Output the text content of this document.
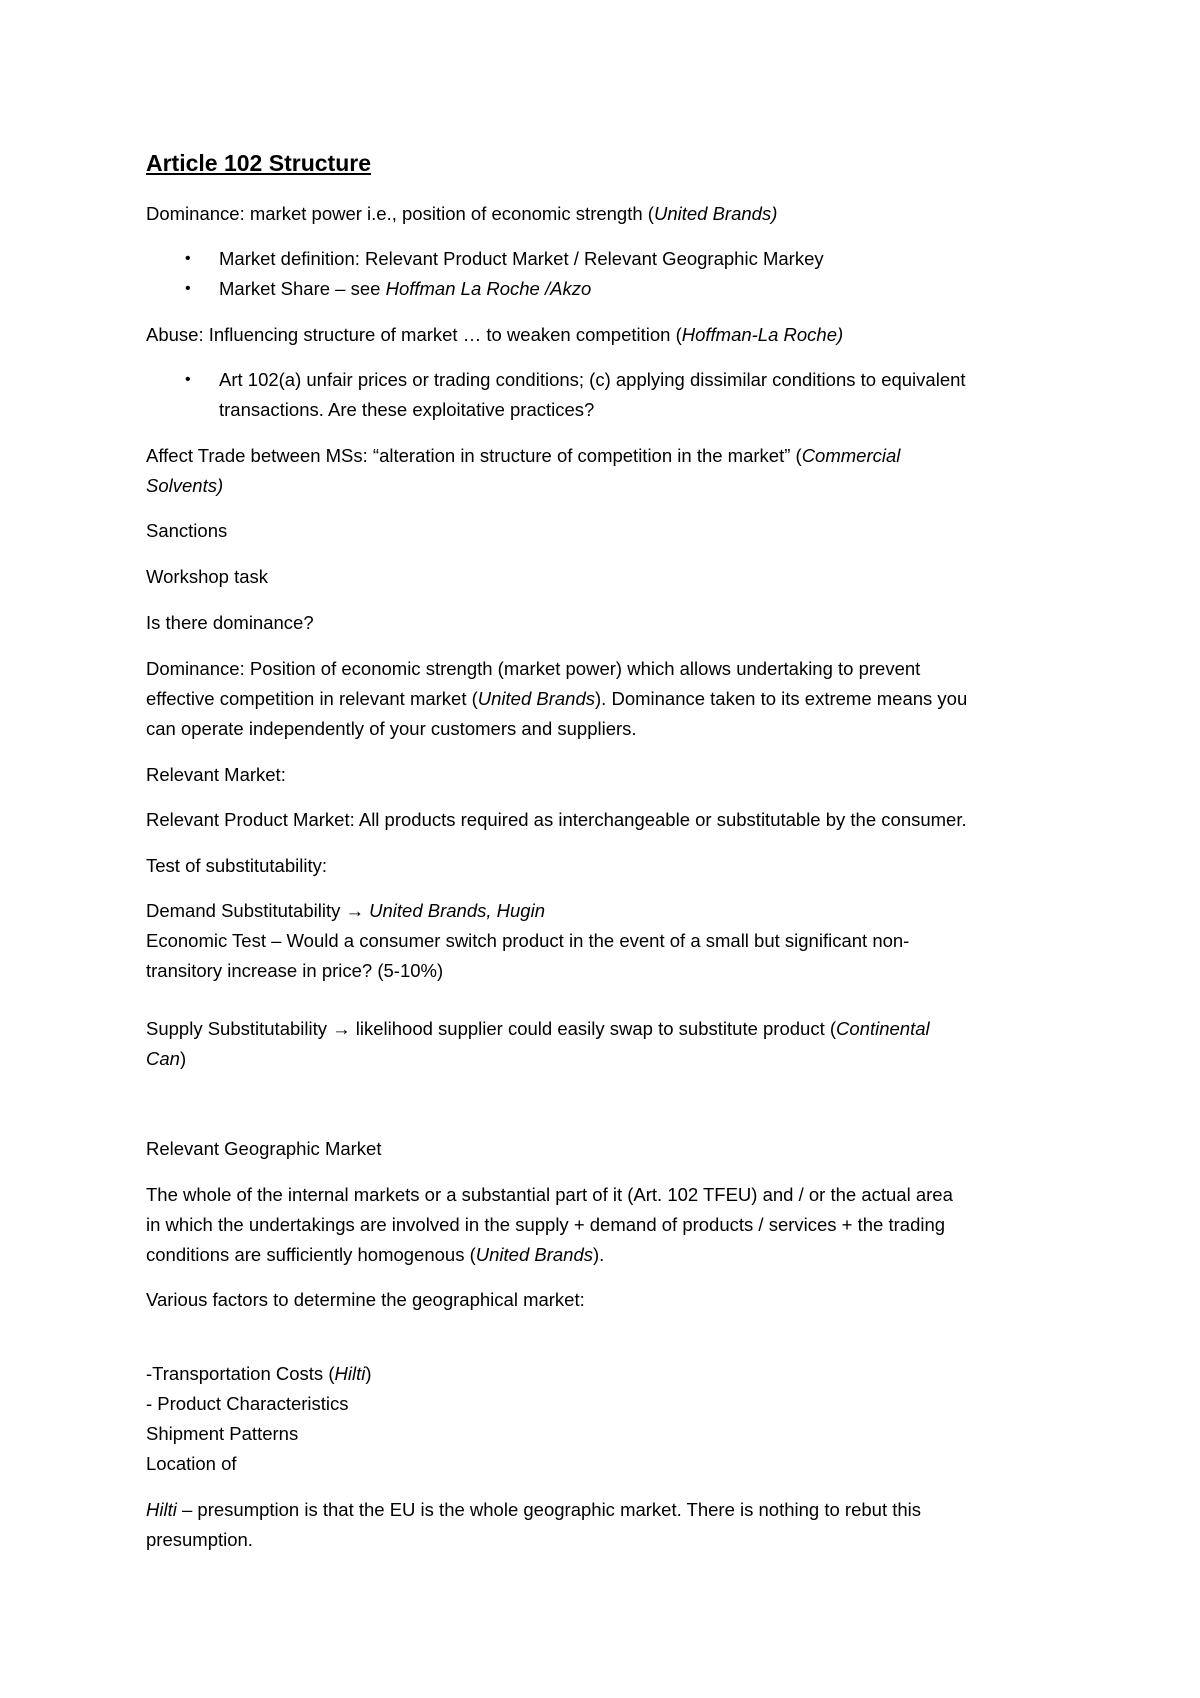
Article 102 Structure
Dominance: market power i.e., position of economic strength (United Brands)
• Market definition: Relevant Product Market / Relevant Geographic Markey
• Market Share – see Hoffman La Roche /Akzo
Abuse: Influencing structure of market … to weaken competition (Hoffman-La Roche)
• Art 102(a) unfair prices or trading conditions; (c) applying dissimilar conditions to equivalent
transactions. Are these exploitative practices?
Affect Trade between MSs: “alteration in structure of competition in the market” (Commercial
Solvents)
Sanctions
Workshop task
Is there dominance?
Dominance: Position of economic strength (market power) which allows undertaking to prevent
effective competition in relevant market (United Brands). Dominance taken to its extreme means you
can operate independently of your customers and suppliers.
Relevant Market:
Relevant Product Market: All products required as interchangeable or substitutable by the consumer.
Test of substitutability:
Demand Substitutability → United Brands, Hugin
Economic Test – Would a consumer switch product in the event of a small but significant non-
transitory increase in price? (5-10%)
Supply Substitutability → likelihood supplier could easily swap to substitute product (Continental
Can)
Relevant Geographic Market
The whole of the internal markets or a substantial part of it (Art. 102 TFEU) and / or the actual area
in which the undertakings are involved in the supply + demand of products / services + the trading
conditions are sufficiently homogenous (United Brands).
Various factors to determine the geographical market:
-Transportation Costs (Hilti)
- Product Characteristics
Shipment Patterns
Location of
Hilti – presumption is that the EU is the whole geographic market. There is nothing to rebut this
presumption.
